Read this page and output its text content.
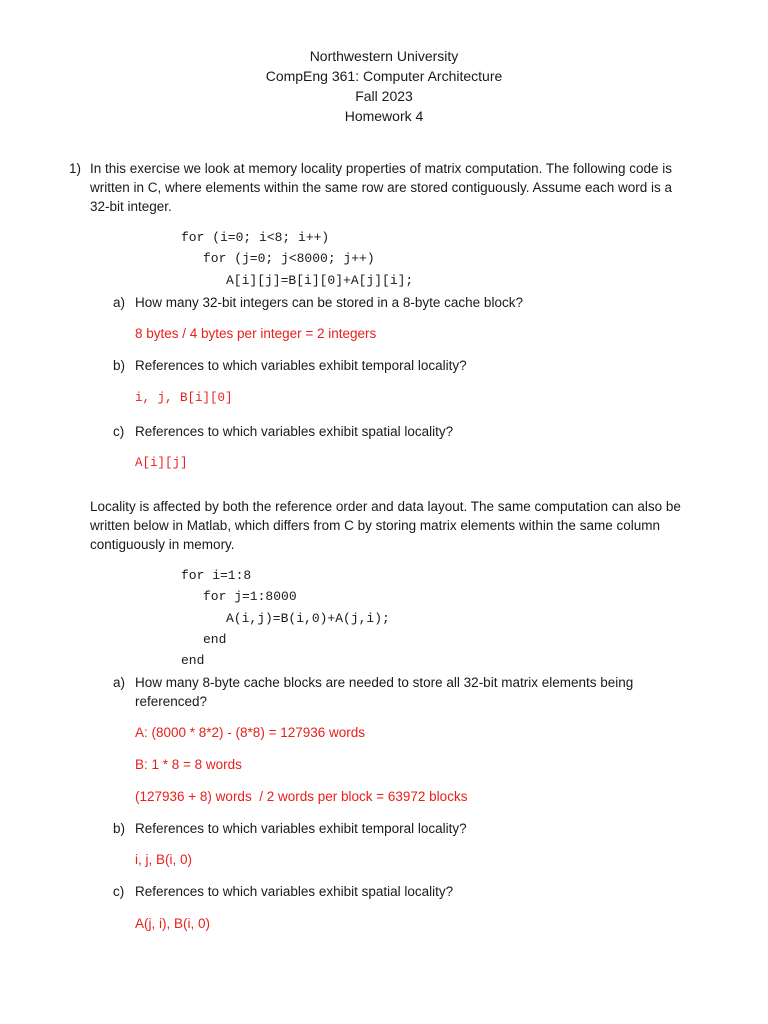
Northwestern University
CompEng 361: Computer Architecture
Fall 2023
Homework 4
1) In this exercise we look at memory locality properties of matrix computation. The following code is written in C, where elements within the same row are stored contiguously. Assume each word is a 32-bit integer.
for (i=0; i<8; i++)
for (j=0; j<8000; j++)
A[i][j]=B[i][0]+A[j][i];
a) How many 32-bit integers can be stored in a 8-byte cache block?
8 bytes / 4 bytes per integer = 2 integers
b) References to which variables exhibit temporal locality?
i, j, B[i][0]
c) References to which variables exhibit spatial locality?
A[i][j]
Locality is affected by both the reference order and data layout. The same computation can also be written below in Matlab, which differs from C by storing matrix elements within the same column contiguously in memory.
for i=1:8
for j=1:8000
A(i,j)=B(i,0)+A(j,i);
end
end
a) How many 8-byte cache blocks are needed to store all 32-bit matrix elements being referenced?
A: (8000 * 8*2) - (8*8) = 127936 words
B: 1 * 8 = 8 words
(127936 + 8) words  / 2 words per block = 63972 blocks
b) References to which variables exhibit temporal locality?
i, j, B(i, 0)
c) References to which variables exhibit spatial locality?
A(j, i), B(i, 0)
